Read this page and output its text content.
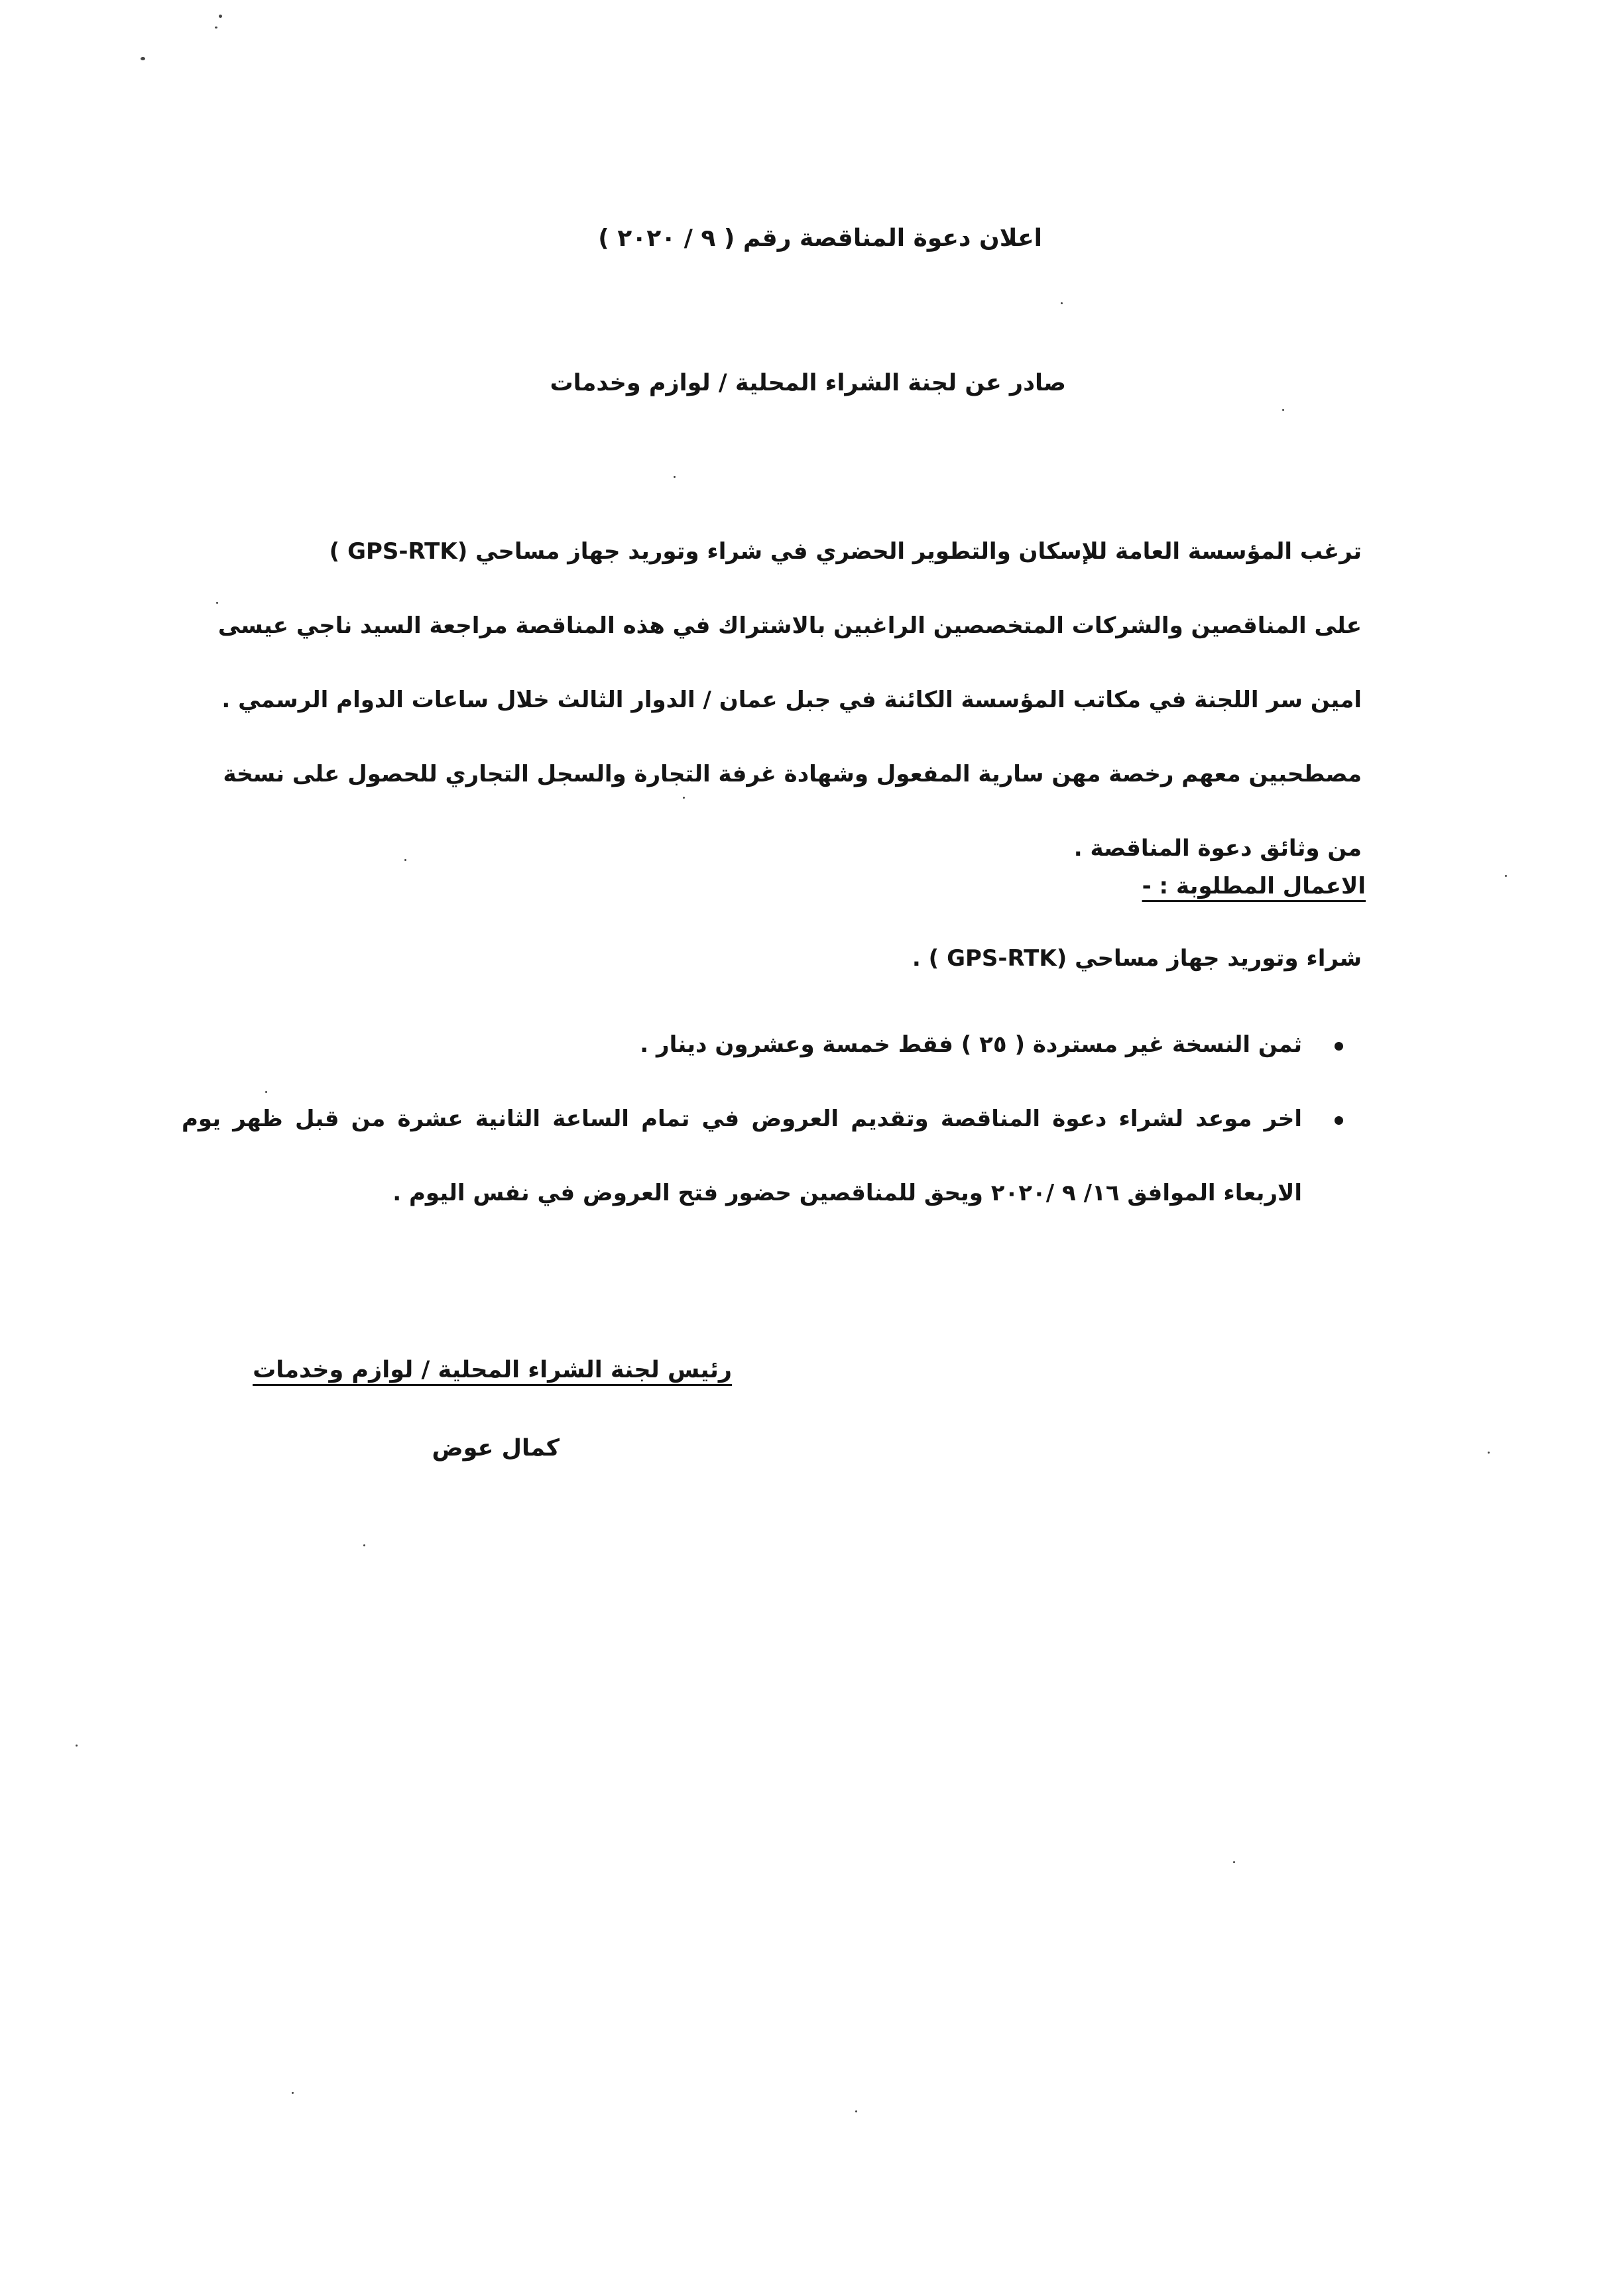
اعلان دعوة المناقصة رقم ( ٩ / ٢٠٢٠ )
صادر عن لجنة الشراء المحلية / لوازم وخدمات
ترغب المؤسسة العامة للإسكان والتطوير الحضري في شراء وتوريد جهاز مساحي (GPS-RTK )
على المناقصين والشركات المتخصصين الراغبين بالاشتراك في هذه المناقصة مراجعة السيد ناجي عيسى
امين سر اللجنة في مكاتب المؤسسة الكائنة في جبل عمان / الدوار الثالث خلال ساعات الدوام الرسمي .
مصطحبين معهم رخصة مهن سارية المفعول وشهادة غرفة التجارة والسجل التجاري للحصول على نسخة
من وثائق دعوة المناقصة .
الاعمال المطلوبة : -
شراء وتوريد جهاز مساحي (GPS-RTK ) .
ثمن النسخة غير مستردة ( ٢٥ ) فقط خمسة وعشرون دينار .
اخر موعد لشراء دعوة المناقصة وتقديم العروض في تمام الساعة الثانية عشرة من قبل ظهر يوم
الاربعاء الموافق ١٦/ ٩ /٢٠٢٠ ويحق للمناقصين حضور فتح العروض في نفس اليوم .
رئيس لجنة الشراء المحلية / لوازم وخدمات
كمال عوض
